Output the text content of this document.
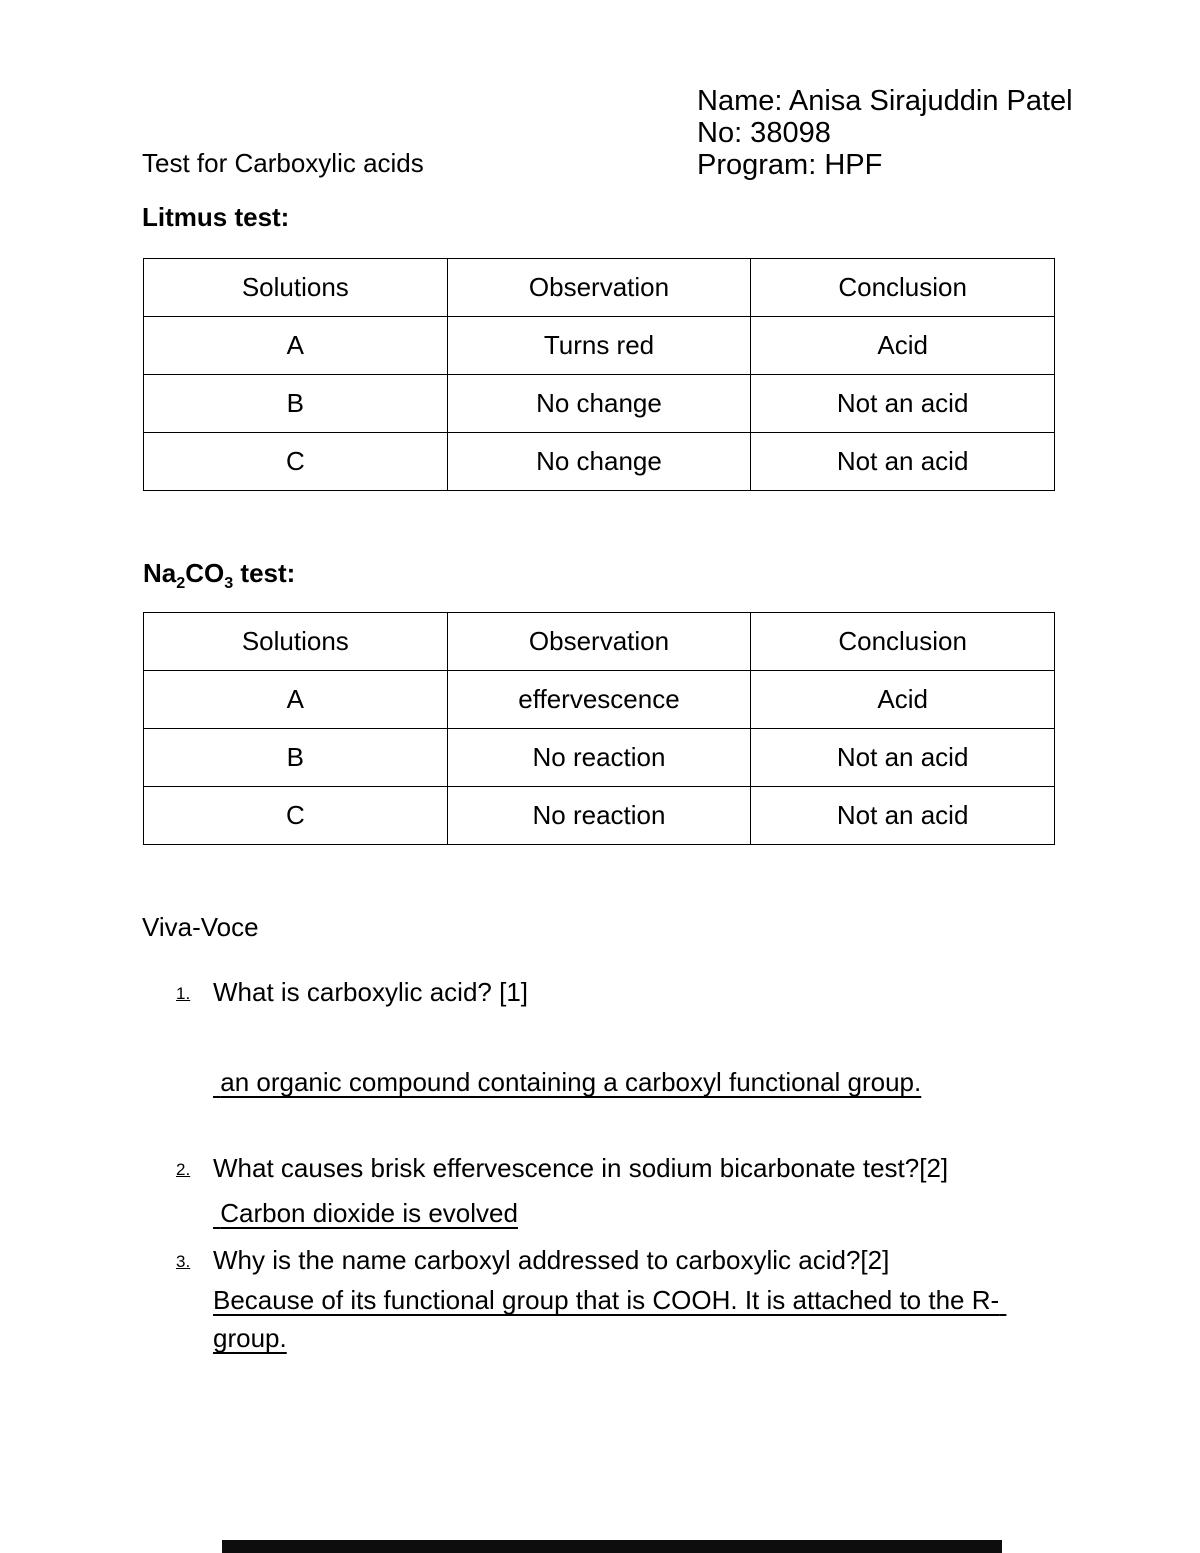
Name: Anisa Sirajuddin Patel
No: 38098
Program: HPF
Test for Carboxylic acids
Litmus test:
Solutions	Observation	Conclusion
A	Turns red	Acid
B	No change	Not an acid
C	No change	Not an acid
$Na_2CO_3$ test:
Solutions	Observation	Conclusion
A	effervescence	Acid
B	No reaction	Not an acid
C	No reaction	Not an acid
Viva-Voce
1. What is carboxylic acid? [1]
an organic compound containing a carboxyl functional group.
2. What causes brisk effervescence in sodium bicarbonate test?[2]
Carbon dioxide is evolved
3. Why is the name carboxyl addressed to carboxylic acid?[2]
Because of its functional group that is COOH. It is attached to the R- group.
